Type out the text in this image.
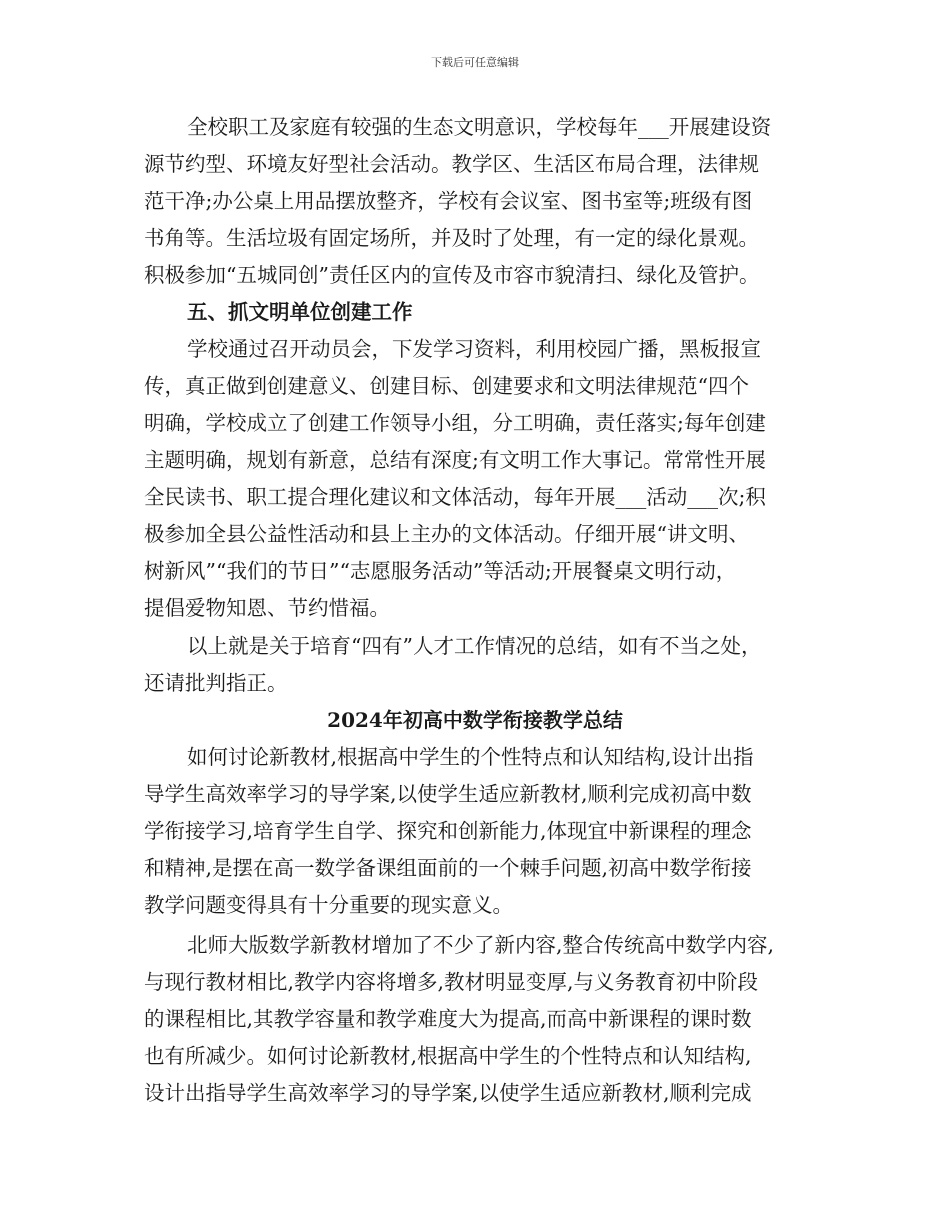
下载后可任意编辑
全校职工及家庭有较强的生态文明意识，学校每年___开展建设资
源节约型、环境友好型社会活动。教学区、生活区布局合理，法律规
范干净;办公桌上用品摆放整齐，学校有会议室、图书室等;班级有图
书角等。生活垃圾有固定场所，并及时了处理，有一定的绿化景观。
积极参加“五城同创”责任区内的宣传及市容市貌清扫、绿化及管护。
五、抓文明单位创建工作
学校通过召开动员会，下发学习资料，利用校园广播，黑板报宣
传，真正做到创建意义、创建目标、创建要求和文明法律规范“四个
明确，学校成立了创建工作领导小组，分工明确，责任落实;每年创建
主题明确，规划有新意，总结有深度;有文明工作大事记。常常性开展
全民读书、职工提合理化建议和文体活动，每年开展___活动___次;积
极参加全县公益性活动和县上主办的文体活动。仔细开展“讲文明、
树新风”“我们的节日”“志愿服务活动”等活动;开展餐桌文明行动，
提倡爱物知恩、节约惜福。
以上就是关于培育“四有”人才工作情况的总结，如有不当之处，
还请批判指正。
2024年初高中数学衔接教学总结
如何讨论新教材,根据高中学生的个性特点和认知结构,设计出指
导学生高效率学习的导学案,以使学生适应新教材,顺利完成初高中数
学衔接学习,培育学生自学、探究和创新能力,体现宜中新课程的理念
和精神,是摆在高一数学备课组面前的一个棘手问题,初高中数学衔接
教学问题变得具有十分重要的现实意义。
北师大版数学新教材增加了不少了新内容,整合传统高中数学内容,
与现行教材相比,教学内容将增多,教材明显变厚,与义务教育初中阶段
的课程相比,其教学容量和教学难度大为提高,而高中新课程的课时数
也有所减少。如何讨论新教材,根据高中学生的个性特点和认知结构,
设计出指导学生高效率学习的导学案,以使学生适应新教材,顺利完成
